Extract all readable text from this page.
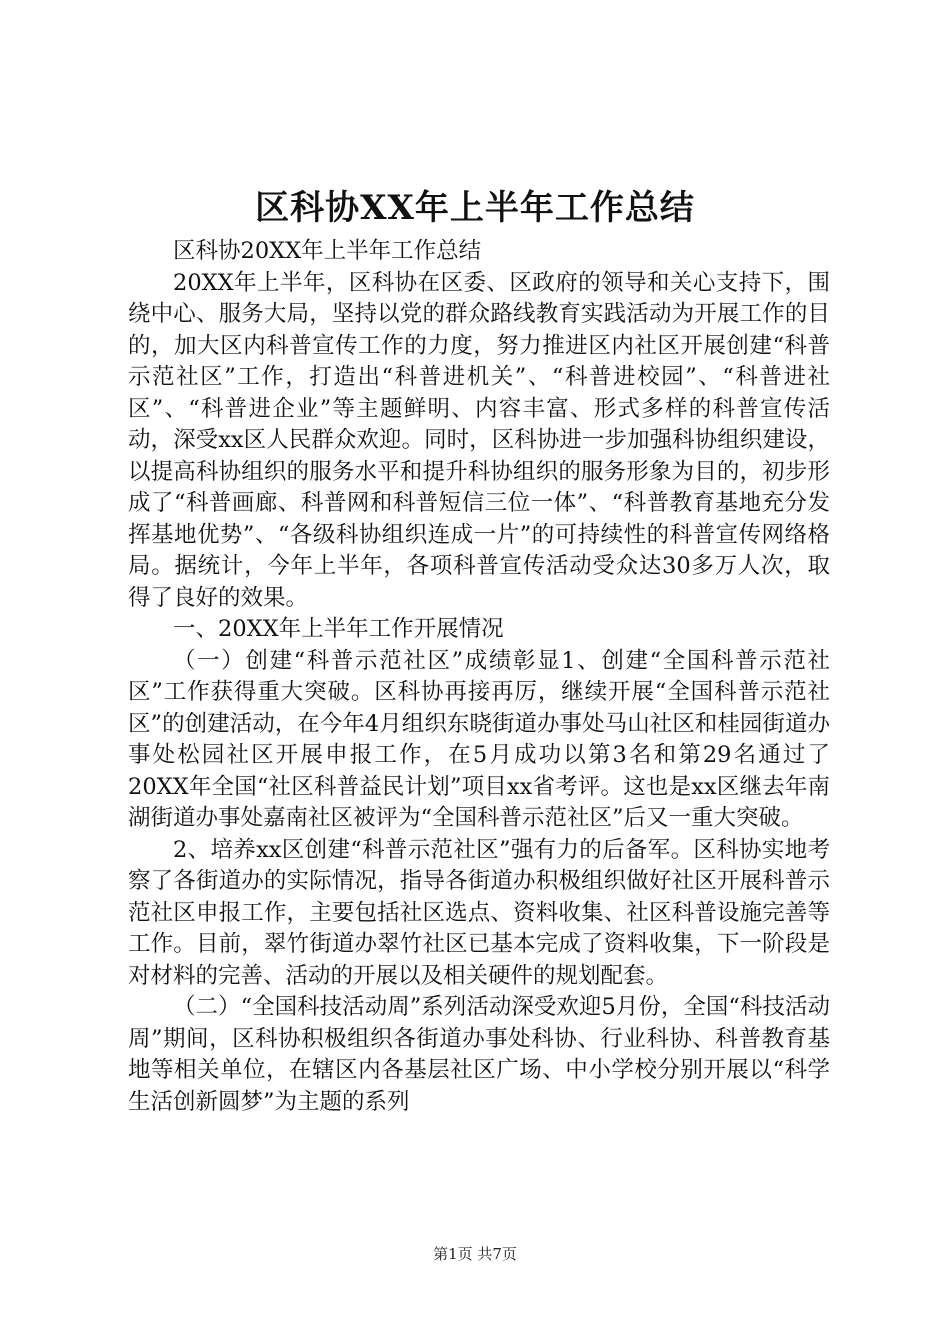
区科协XX年上半年工作总结

区科协20XX年上半年工作总结

20XX年上半年，区科协在区委、区政府的领导和关心支持下，围绕中心、服务大局，坚持以党的群众路线教育实践活动为开展工作的目的，加大区内科普宣传工作的力度，努力推进区内社区开展创建“科普示范社区”工作，打造出“科普进机关”、“科普进校园”、“科普进社区”、“科普进企业”等主题鲜明、内容丰富、形式多样的科普宣传活动，深受xx区人民群众欢迎。同时，区科协进一步加强科协组织建设，以提高科协组织的服务水平和提升科协组织的服务形象为目的，初步形成了“科普画廊、科普网和科普短信三位一体”、“科普教育基地充分发挥基地优势”、“各级科协组织连成一片”的可持续性的科普宣传网络格局。据统计，今年上半年，各项科普宣传活动受众达30多万人次，取得了良好的效果。

一、20XX年上半年工作开展情况

（一）创建“科普示范社区”成绩彰显1、创建“全国科普示范社区”工作获得重大突破。区科协再接再厉，继续开展“全国科普示范社区”的创建活动，在今年4月组织东晓街道办事处马山社区和桂园街道办事处松园社区开展申报工作，在5月成功以第3名和第29名通过了20XX年全国“社区科普益民计划”项目xx省考评。这也是xx区继去年南湖街道办事处嘉南社区被评为“全国科普示范社区”后又一重大突破。

2、培养xx区创建“科普示范社区”强有力的后备军。区科协实地考察了各街道办的实际情况，指导各街道办积极组织做好社区开展科普示范社区申报工作，主要包括社区选点、资料收集、社区科普设施完善等工作。目前，翠竹街道办翠竹社区已基本完成了资料收集，下一阶段是对材料的完善、活动的开展以及相关硬件的规划配套。

（二）“全国科技活动周”系列活动深受欢迎5月份，全国“科技活动周”期间，区科协积极组织各街道办事处科协、行业科协、科普教育基地等相关单位，在辖区内各基层社区广场、中小学校分别开展以“科学生活创新圆梦”为主题的系列

第1页 共7页
